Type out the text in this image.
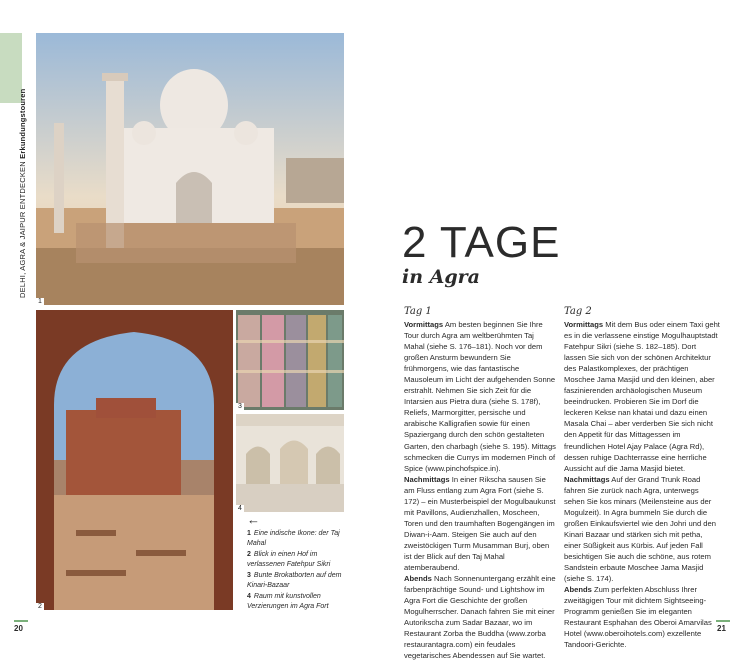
DELHI, AGRA & JAIPUR ENTDECKEN Erkundungstouren
1
2
3
4
←
1 Eine indische Ikone: der Taj Mahal
2 Blick in einen Hof im verlassenen Fatehpur Sikri
3 Bunte Brokatborten auf dem Kinari-Bazaar
4 Raum mit kunstvollen Verzierungen im Agra Fort
2 TAGE
in Agra
Tag 1

Vormittags Am besten beginnen Sie Ihre Tour durch Agra am weltberühmten Taj Mahal (siehe S. 176–181). Noch vor dem großen Ansturm bewundern Sie frühmorgens, wie das fantastische Mausoleum im Licht der aufgehenden Sonne erstrahlt. Nehmen Sie sich Zeit für die Intarsien aus Pietra dura (siehe S. 178f), Reliefs, Marmorgitter, persische und arabische Kalligrafien sowie für einen Spaziergang durch den schön gestalteten Garten, den charbagh (siehe S. 195). Mittags schmecken die Currys im modernen Pinch of Spice (www.pinchofspice.in).

Nachmittags In einer Rikscha sausen Sie am Fluss entlang zum Agra Fort (siehe S. 172) – ein Musterbeispiel der Mogulbaukunst mit Pavillons, Audienzhallen, Moscheen, Toren und den traumhaften Bogengängen im Diwan-i-Aam. Steigen Sie auch auf den zweistöckigen Turm Musamman Burj, oben ist der Blick auf den Taj Mahal atemberaubend.

Abends Nach Sonnenuntergang erzählt eine farbenprächtige Sound- und Lightshow im Agra Fort die Geschichte der großen Mogulherrscher. Danach fahren Sie mit einer Autorikscha zum Sadar Bazaar, wo im Restaurant Zorba the Buddha (www.zorba restaurantagra.com) ein feudales vegetarisches Abendessen auf Sie wartet.

Tag 2

Vormittags Mit dem Bus oder einem Taxi geht es in die verlassene einstige Mogulhauptstadt Fatehpur Sikri (siehe S. 182–185). Dort lassen Sie sich von der schönen Architektur des Palastkomplexes, der prächtigen Moschee Jama Masjid und den kleinen, aber faszinierenden archäologischen Museum beeindrucken. Probieren Sie im Dorf die leckeren Kekse nan khatai und dazu einen Masala Chai – aber verderben Sie sich nicht den Appetit für das Mittagessen im freundlichen Hotel Ajay Palace (Agra Rd), dessen ruhige Dachterrasse eine herrliche Aussicht auf die Jama Masjid bietet.

Nachmittags Auf der Grand Trunk Road fahren Sie zurück nach Agra, unterwegs sehen Sie kos minars (Meilensteine aus der Mogulzeit). In Agra bummeln Sie durch die großen Einkaufsviertel wie den Johri und den Kinari Bazaar und stärken sich mit petha, einer Süßigkeit aus Kürbis. Auf jeden Fall besichtigen Sie auch die schöne, aus rotem Sandstein erbaute Moschee Jama Masjid (siehe S. 174).

Abends Zum perfekten Abschluss Ihrer zweitägigen Tour mit dichtem Sightseeing-Programm genießen Sie im eleganten Restaurant Esphahan des Oberoi Amarvilas Hotel (www.oberoihotels.com) exzellente Tandoori-Gerichte.

20	21
